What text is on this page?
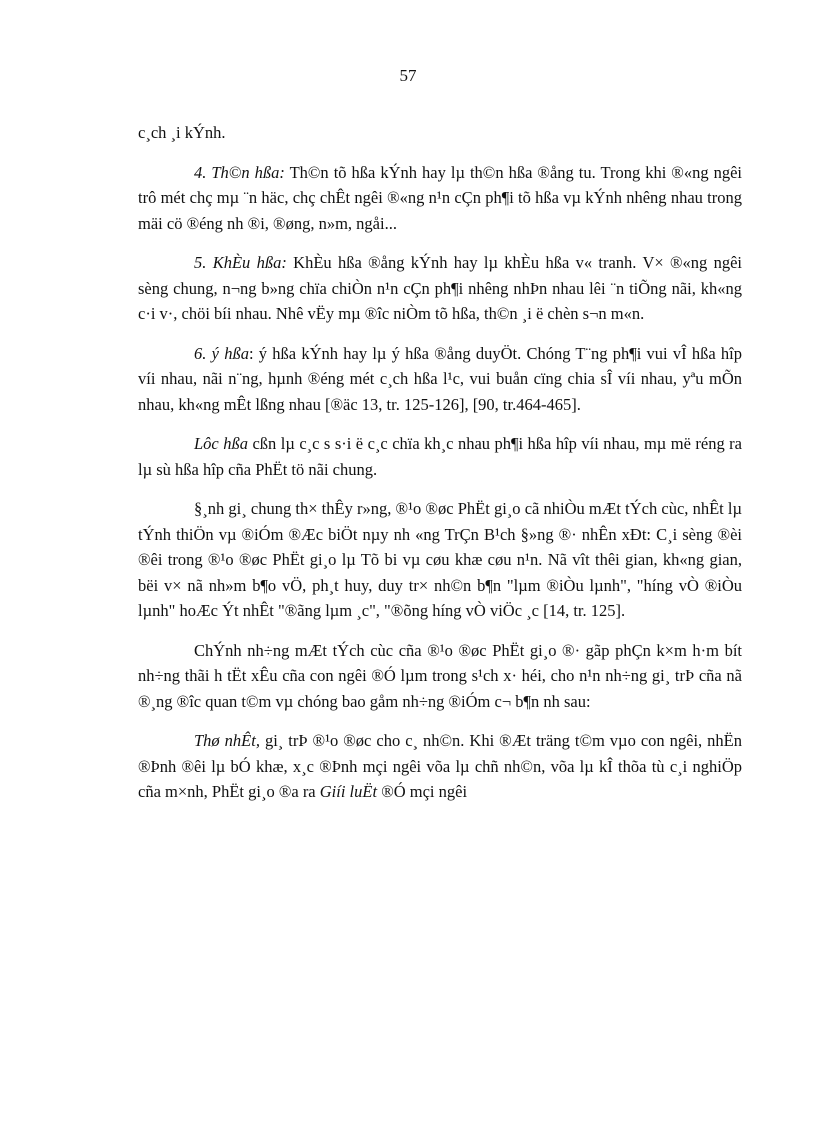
57

c¸ch ¸i kÝnh.

4. Th©n hßa: Th©n tõ hßa kÝnh hay lµ th©n hßa ®ång tu. Trong khi ®«ng ngêi trô mét chç mµ ¨n häc, chç chÊt ngêi ®«ng n¹n cÇn ph¶i tõ hßa vµ kÝnh nhêng nhau trong mäi cö ®éng nh ®i, ®øng, n»m, ngåi...

5. KhÈu hßa: KhÈu hßa ®ång kÝnh hay lµ khÈu hßa v« tranh. V× ®«ng ngêi sèng chung, n¬ng b»ng chïa chiÒn n¹n cÇn ph¶i nhêng nhÞn nhau lêi ¨n tiÕng nãi, kh«ng c·i v·, chöi bíi nhau. Nhê vËy mµ ®îc niÒm tõ hßa, th©n ¸i ë chèn s¬n m«n.

6. ý hßa: ý hßa kÝnh hay lµ ý hßa ®ång duyÖt. Chóng T¨ng ph¶i vui vÎ hßa hîp víi nhau, nãi n¨ng, hµnh ®éng mét c¸ch hßa l¹c, vui buån cïng chia sÎ víi nhau, yªu mÕn nhau, kh«ng mÊt lßng nhau [®äc 13, tr. 125-126], [90, tr.464-465].

Lôc hßa cßn lµ c¸c s s·i ë c¸c chïa kh¸c nhau ph¶i hßa hîp víi nhau, mµ më réng ra lµ sù hßa hîp cña PhËt tö nãi chung.

§¸nh gi¸ chung th× thÊy r»ng, ®¹o ®øc PhËt gi¸o cã nhiÒu mÆt tÝch cùc, nhÊt lµ tÝnh thiÖn vµ ®iÓm ®Æc biÖt nµy nh «ng TrÇn B¹ch §»ng ®· nhÊn xÐt: C¸i sèng ®èi ®êi trong ®¹o ®øc PhËt gi¸o lµ Tõ bi vµ cøu khæ cøu n¹n. Nã vît thêi gian, kh«ng gian, bëi v× nã nh»m b¶o vÖ, ph¸t huy, duy tr× nh©n b¶n "lµm ®iÒu lµnh", "híng vÒ ®iÒu lµnh" hoÆc Ýt nhÊt "®ãng lµm ¸c", "®õng híng vÒ viÖc ¸c [14, tr. 125].

ChÝnh nh÷ng mÆt tÝch cùc cña ®¹o ®øc PhËt gi¸o ®· gãp phÇn k×m h·m bít nh÷ng thãi h tËt xÊu cña con ngêi ®Ó lµm trong s¹ch x· héi, cho n¹n nh÷ng gi¸ trÞ cña nã ®¸ng ®îc quan t©m vµ chóng bao gåm nh÷ng ®iÓm c¬ b¶n nh sau:

Thø nhÊt, gi¸ trÞ ®¹o ®øc cho c¸ nh©n. Khi ®Æt träng t©m vµo con ngêi, nhËn ®Þnh ®êi lµ bÓ khæ, x¸c ®Þnh mçi ngêi võa lµ chñ nh©n, võa lµ kÎ thõa tù c¸i nghiÖp cña m×nh, PhËt gi¸o ®a ra Giíi luËt ®Ó mçi ngêi
